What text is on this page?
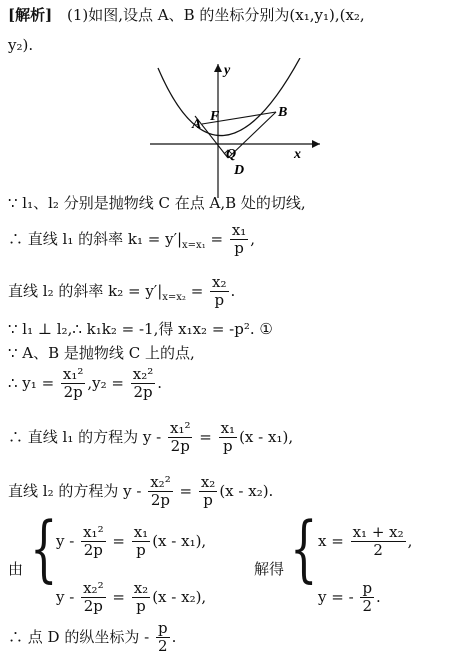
[解析] (1)如图,设点 A、B 的坐标分别为(x₁,y₁),(x₂,
y₂).
y
x
A
F	B
Q
D
∵ l₁、l₂ 分别是抛物线 C 在点 A,B 处的切线,
∴ 直线 l₁ 的斜率 $k_1 = y'|_{x=x_1} = \frac{\text{x₁}}{p}$ ,
直线 l₂ 的斜率 $k_2 = y'|_{x=x_2} = \frac{\text{x₂}}{p}$ .
∵ l₁ ⊥ l₂,∴ k₁k₂ = -1,得 x₁x₂ = -p². ①
∵ A、B 是抛物线 C 上的点,
∴ $y_1 = \frac{\text{x₁²}}{2p} ,y_2 = \frac{\text{x₂²}}{2p}$ .
∴ 直线 l₁ 的方程为 $y - \frac{\text{x₁²}}{2p} = \frac{\text{x₁}}{p} (x - x_1)$,
直线 l₂ 的方程为 $y - \frac{\text{x₂²}}{2p} = \frac{\text{x₂}}{p} (x - x_2)$.
由 {
$y - \frac{\text{x₁²}}{2p} = \frac{\text{x₁}}{p} (x - x_1)$,
$y - \frac{\text{x₂²}}{2p} = \frac{\text{x₂}}{p} (x - x_2)$,
解得 { $x = \frac{\text{x₁ + x₂}}{2}$ ,
y = - $\frac{p}{2}$ .
∴ 点 D 的纵坐标为 - $\frac{p}{2}$ .
